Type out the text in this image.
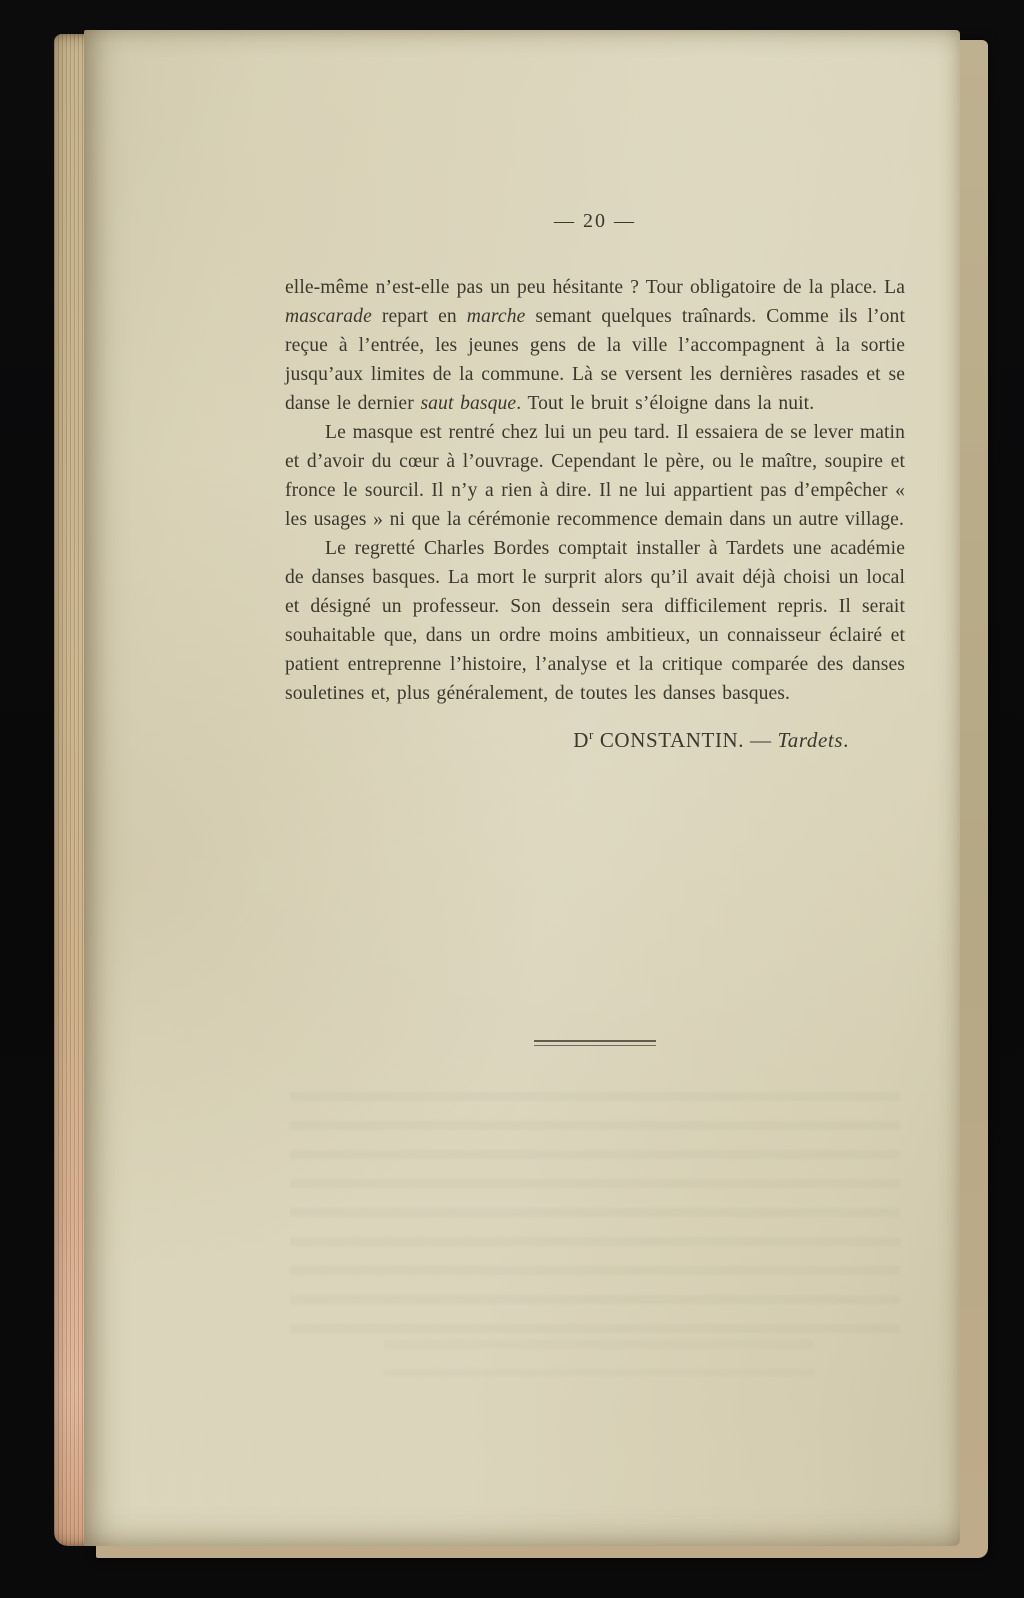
— 20 —

elle-même n’est-elle pas un peu hésitante ? Tour obligatoire de la place. La mascarade repart en marche semant quelques traînards. Comme ils l’ont reçue à l’entrée, les jeunes gens de la ville l’accompagnent à la sortie jusqu’aux limites de la commune. Là se versent les dernières rasades et se danse le dernier saut basque. Tout le bruit s’éloigne dans la nuit.

Le masque est rentré chez lui un peu tard. Il essaiera de se lever matin et d’avoir du cœur à l’ouvrage. Cependant le père, ou le maître, soupire et fronce le sourcil. Il n’y a rien à dire. Il ne lui appartient pas d’empêcher « les usages » ni que la cérémonie recommence demain dans un autre village.

Le regretté Charles Bordes comptait installer à Tardets une académie de danses basques. La mort le surprit alors qu’il avait déjà choisi un local et désigné un professeur. Son dessein sera difficilement repris. Il serait souhaitable que, dans un ordre moins ambitieux, un connaisseur éclairé et patient entreprenne l’histoire, l’analyse et la critique comparée des danses souletines et, plus généralement, de toutes les danses basques.

$D^r$ CONSTANTIN. — Tardets.
